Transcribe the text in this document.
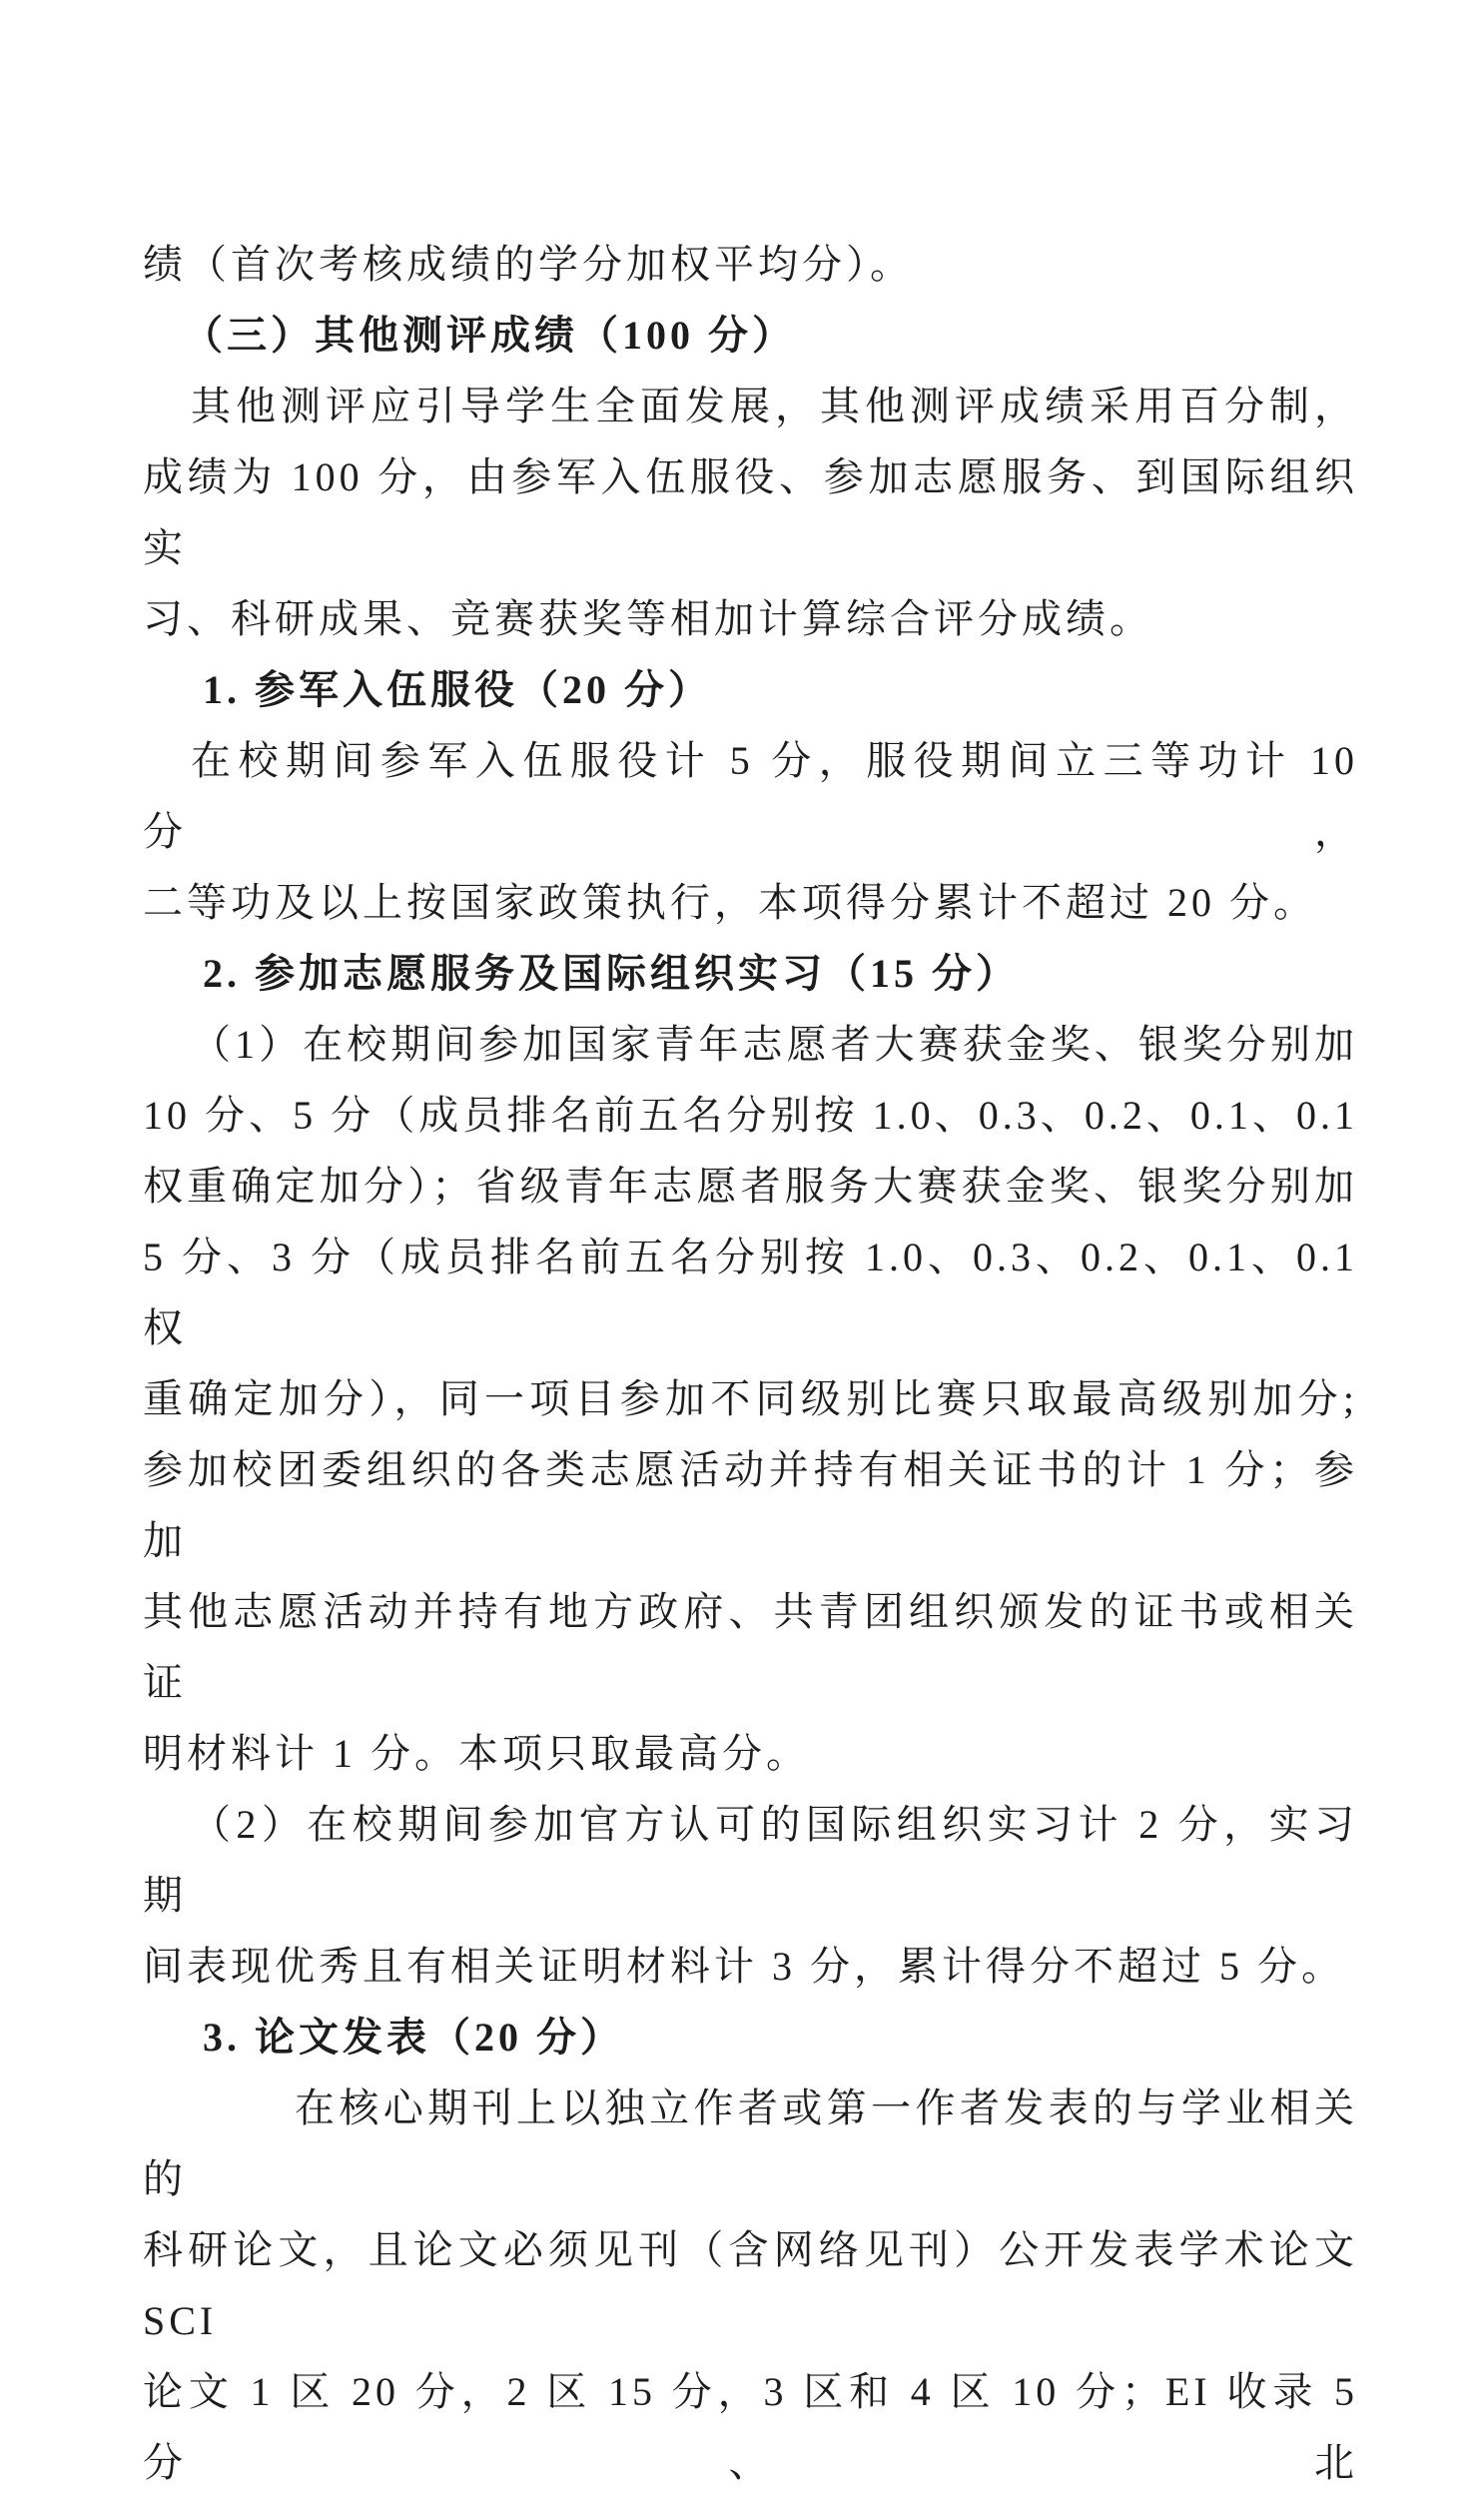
绩（首次考核成绩的学分加权平均分）。

（三）其他测评成绩（100 分）

其他测评应引导学生全面发展，其他测评成绩采用百分制，

成绩为 100 分，由参军入伍服役、参加志愿服务、到国际组织实

习、科研成果、竞赛获奖等相加计算综合评分成绩。

1. 参军入伍服役（20 分）

在校期间参军入伍服役计 5 分，服役期间立三等功计 10 分，

二等功及以上按国家政策执行，本项得分累计不超过 20 分。

2. 参加志愿服务及国际组织实习（15 分）

（1）在校期间参加国家青年志愿者大赛获金奖、银奖分别加

10 分、5 分（成员排名前五名分别按 1.0、0.3、0.2、0.1、0.1

权重确定加分）；省级青年志愿者服务大赛获金奖、银奖分别加

5 分、3 分（成员排名前五名分别按 1.0、0.3、0.2、0.1、0.1 权

重确定加分），同一项目参加不同级别比赛只取最高级别加分;

参加校团委组织的各类志愿活动并持有相关证书的计 1 分；参加

其他志愿活动并持有地方政府、共青团组织颁发的证书或相关证

明材料计 1 分。本项只取最高分。

（2）在校期间参加官方认可的国际组织实习计 2 分，实习期

间表现优秀且有相关证明材料计 3 分，累计得分不超过 5 分。

3. 论文发表（20 分）

在核心期刊上以独立作者或第一作者发表的与学业相关的

科研论文，且论文必须见刊（含网络见刊）公开发表学术论文 SCI

论文 1 区 20 分，2 区 15 分，3 区和 4 区 10 分；EI 收录 5 分、北
